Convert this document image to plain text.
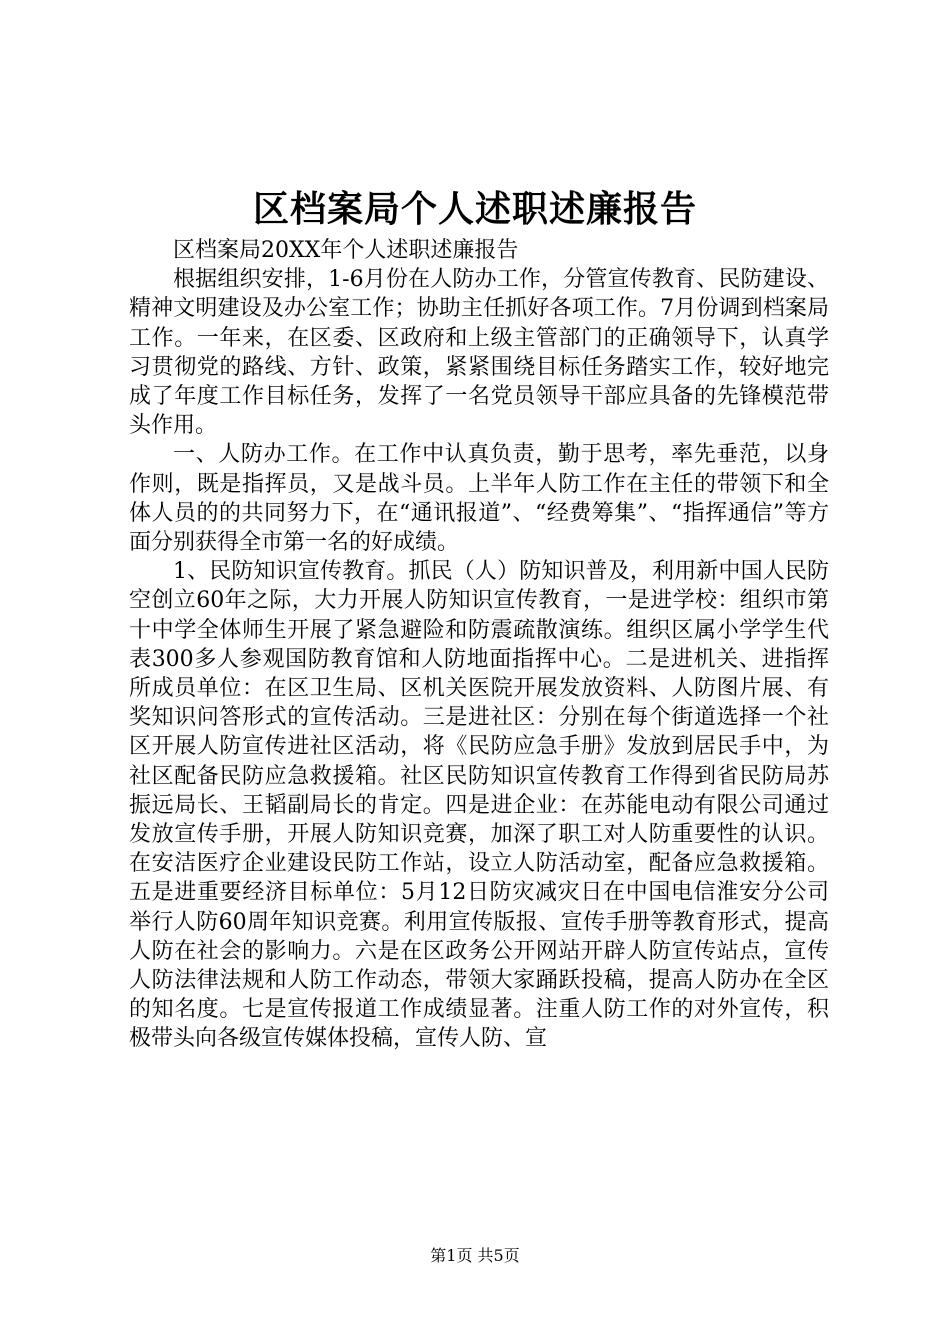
区档案局个人述职述廉报告

区档案局20XX年个人述职述廉报告

根据组织安排，1-6月份在人防办工作，分管宣传教育、民防建设、精神文明建设及办公室工作；协助主任抓好各项工作。7月份调到档案局工作。一年来，在区委、区政府和上级主管部门的正确领导下，认真学习贯彻党的路线、方针、政策，紧紧围绕目标任务踏实工作，较好地完成了年度工作目标任务，发挥了一名党员领导干部应具备的先锋模范带头作用。

一、人防办工作。在工作中认真负责，勤于思考，率先垂范，以身作则，既是指挥员，又是战斗员。上半年人防工作在主任的带领下和全体人员的的共同努力下，在“通讯报道”、“经费筹集”、“指挥通信”等方面分别获得全市第一名的好成绩。

1、民防知识宣传教育。抓民（人）防知识普及，利用新中国人民防空创立60年之际，大力开展人防知识宣传教育，一是进学校：组织市第十中学全体师生开展了紧急避险和防震疏散演练。组织区属小学学生代表300多人参观国防教育馆和人防地面指挥中心。二是进机关、进指挥所成员单位：在区卫生局、区机关医院开展发放资料、人防图片展、有奖知识问答形式的宣传活动。三是进社区：分别在每个街道选择一个社区开展人防宣传进社区活动，将《民防应急手册》发放到居民手中，为社区配备民防应急救援箱。社区民防知识宣传教育工作得到省民防局苏振远局长、王韬副局长的肯定。四是进企业：在苏能电动有限公司通过发放宣传手册，开展人防知识竞赛，加深了职工对人防重要性的认识。在安洁医疗企业建设民防工作站，设立人防活动室，配备应急救援箱。五是进重要经济目标单位：5月12日防灾减灾日在中国电信淮安分公司举行人防60周年知识竞赛。利用宣传版报、宣传手册等教育形式，提高人防在社会的影响力。六是在区政务公开网站开辟人防宣传站点，宣传人防法律法规和人防工作动态，带领大家踊跃投稿，提高人防办在全区的知名度。七是宣传报道工作成绩显著。注重人防工作的对外宣传，积极带头向各级宣传媒体投稿，宣传人防、宣

第1页 共5页
